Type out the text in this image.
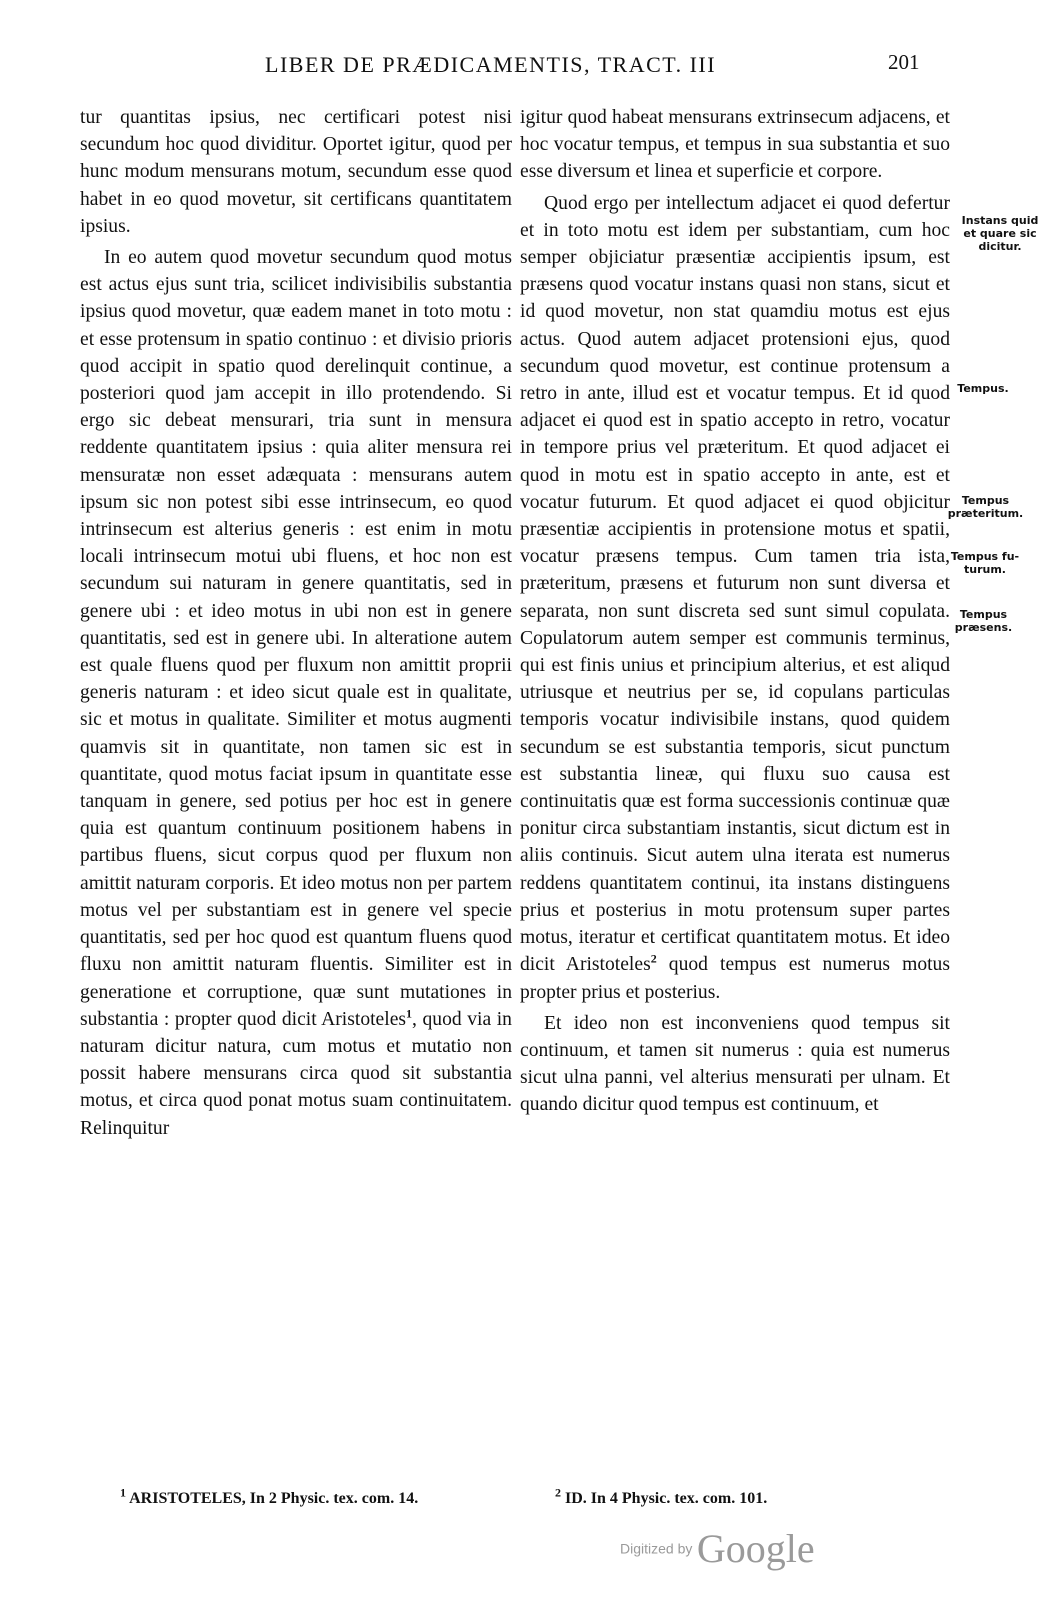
LIBER DE PRÆDICAMENTIS, TRACT. III	201

tur quantitas ipsius, nec certificari potest nisi secundum hoc quod dividitur. Oportet igitur, quod per hunc modum mensurans motum, secundum esse quod habet in eo quod movetur, sit certificans quantitatem ipsius.

In eo autem quod movetur secundum quod motus est actus ejus sunt tria, scilicet indivisibilis substantia ipsius quod movetur, quæ eadem manet in toto motu : et esse protensum in spatio continuo : et divisio prioris quod accipit in spatio quod derelinquit continue, a posteriori quod jam accepit in illo protendendo. Si ergo sic debeat mensurari, tria sunt in mensura reddente quantitatem ipsius : quia aliter mensura rei mensuratæ non esset adæquata : mensurans autem ipsum sic non potest sibi esse intrinsecum, eo quod intrinsecum est alterius generis : est enim in motu locali intrinsecum motui ubi fluens, et hoc non est secundum sui naturam in genere quantitatis, sed in genere ubi : et ideo motus in ubi non est in genere quantitatis, sed est in genere ubi. In alteratione autem est quale fluens quod per fluxum non amittit proprii generis naturam : et ideo sicut quale est in qualitate, sic et motus in qualitate. Similiter et motus augmenti quamvis sit in quantitate, non tamen sic est in quantitate, quod motus faciat ipsum in quantitate esse tanquam in genere, sed potius per hoc est in genere quia est quantum continuum positionem habens in partibus fluens, sicut corpus quod per fluxum non amittit naturam corporis. Et ideo motus non per partem motus vel per substantiam est in genere vel specie quantitatis, sed per hoc quod est quantum fluens quod fluxu non amittit naturam fluentis. Similiter est in generatione et corruptione, quæ sunt mutationes in substantia : propter quod dicit Aristoteles$^1$, quod via in naturam dicitur natura, cum motus et mutatio non possit habere mensurans circa quod sit substantia motus, et circa quod ponat motus suam continuitatem. Relinquitur

igitur quod habeat mensurans extrinsecum adjacens, et hoc vocatur tempus, et tempus in sua substantia et suo esse diversum et linea et superficie et corpore.

Quod ergo per intellectum adjacet ei quod defertur et in toto motu est idem per substantiam, cum hoc semper objiciatur præsentiæ accipientis ipsum, est præsens quod vocatur instans quasi non stans, sicut et id quod movetur, non stat quamdiu motus est ejus actus. Quod autem adjacet protensioni ejus, quod secundum quod movetur, est continue protensum a retro in ante, illud est et vocatur tempus. Et id quod adjacet ei quod est in spatio accepto in retro, vocatur in tempore prius vel præteritum. Et quod adjacet ei quod in motu est in spatio accepto in ante, est et vocatur futurum. Et quod adjacet ei quod objicitur præsentiæ accipientis in protensione motus et spatii, vocatur præsens tempus. Cum tamen tria ista, præteritum, præsens et futurum non sunt diversa et separata, non sunt discreta sed sunt simul copulata. Copulatorum autem semper est communis terminus, qui est finis unius et principium alterius, et est aliqud utriusque et neutrius per se, id copulans particulas temporis vocatur indivisibile instans, quod quidem secundum se est substantia temporis, sicut punctum est substantia lineæ, qui fluxu suo causa est continuitatis quæ est forma successionis continuæ quæ ponitur circa substantiam instantis, sicut dictum est in aliis continuis. Sicut autem ulna iterata est numerus reddens quantitatem continui, ita instans distinguens prius et posterius in motu protensum super partes motus, iteratur et certificat quantitatem motus. Et ideo dicit Aristoteles$^2$ quod tempus est numerus motus propter prius et posterius.

Et ideo non est inconveniens quod tempus sit continuum, et tamen sit numerus : quia est numerus sicut ulna panni, vel alterius mensurati per ulnam. Et quando dicitur quod tempus est continuum, et

Instans quid
et quare sic
dicitur.
Tempus.
Tempus
præteritum.
Tempus fu-
turum.
Tempus
præsens.
$^1$ ARISTOTELES, In 2 Physic. tex. com. 14.	$^2$ ID. In 4 Physic. tex. com. 101.
Digitized by Google
